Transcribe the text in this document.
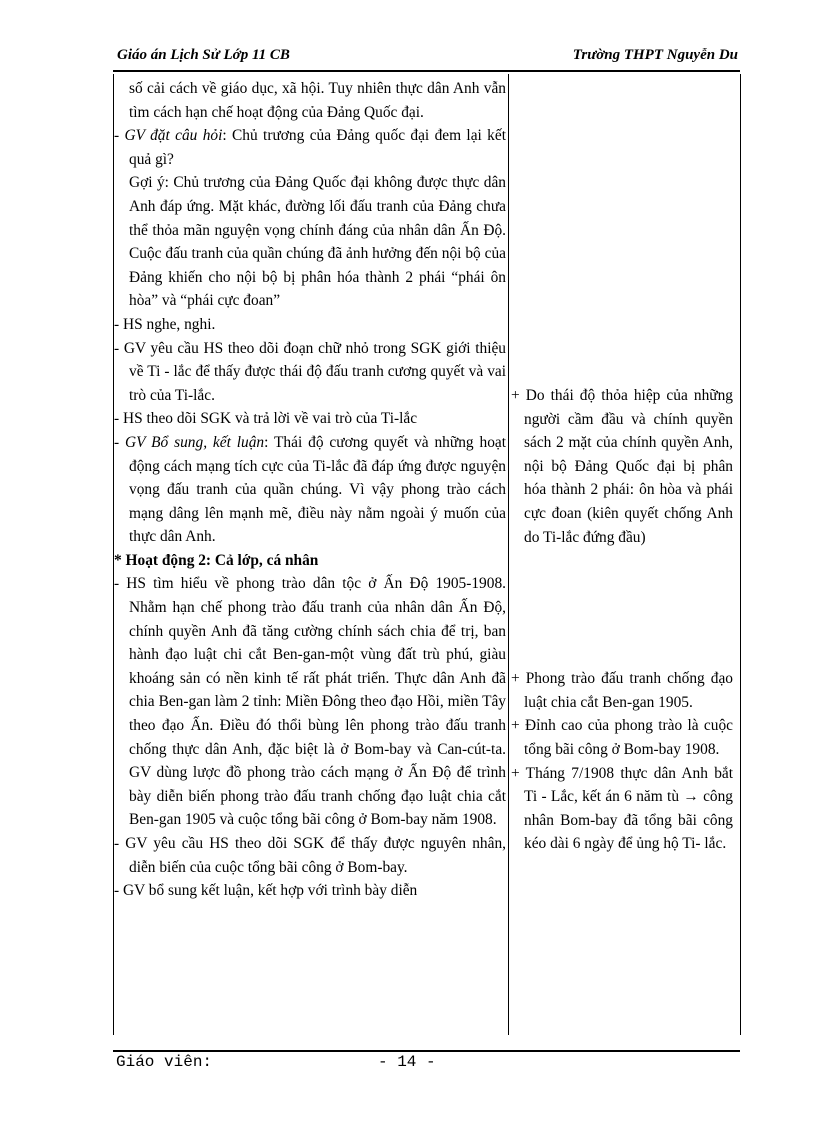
Giáo án Lịch Sử Lớp 11 CB	Trường THPT Nguyễn Du

số cải cách về giáo dục, xã hội. Tuy nhiên thực dân Anh vẫn tìm cách hạn chế hoạt động của Đảng Quốc đại.

- GV đặt câu hỏi: Chủ trương của Đảng quốc đại đem lại kết quả gì?

Gợi ý: Chủ trương của Đảng Quốc đại không được thực dân Anh đáp ứng. Mặt khác, đường lối đấu tranh của Đảng chưa thể thỏa mãn nguyện vọng chính đáng của nhân dân Ấn Độ. Cuộc đấu tranh của quần chúng đã ảnh hưởng đến nội bộ của Đảng khiến cho nội bộ bị phân hóa thành 2 phái “phái ôn hòa” và “phái cực đoan”

- HS nghe, nghi.

- GV yêu cầu HS theo dõi đoạn chữ nhỏ trong SGK giới thiệu về Ti - lắc để thấy được thái độ đấu tranh cương quyết và vai trò của Ti-lắc.

- HS theo dõi SGK và trả lời về vai trò của Ti-lắc

- GV Bổ sung, kết luận: Thái độ cương quyết và những hoạt động cách mạng tích cực của Ti-lắc đã đáp ứng được nguyện vọng đấu tranh của quần chúng. Vì vậy phong trào cách mạng dâng lên mạnh mẽ, điều này nằm ngoài ý muốn của thực dân Anh.

* Hoạt động 2: Cả lớp, cá nhân

- HS tìm hiểu về phong trào dân tộc ở Ấn Độ 1905-1908. Nhằm hạn chế phong trào đấu tranh của nhân dân Ấn Độ, chính quyền Anh đã tăng cường chính sách chia để trị, ban hành đạo luật chi cắt Ben-gan-một vùng đất trù phú, giàu khoáng sản có nền kinh tế rất phát triển. Thực dân Anh đã chia Ben-gan làm 2 tỉnh: Miền Đông theo đạo Hồi, miền Tây theo đạo Ấn. Điều đó thổi bùng lên phong trào đấu tranh chống thực dân Anh, đặc biệt là ở Bom-bay và Can-cút-ta. GV dùng lược đồ phong trào cách mạng ở Ấn Độ để trình bày diễn biến phong trào đấu tranh chống đạo luật chia cắt Ben-gan 1905 và cuộc tổng bãi công ở Bom-bay năm 1908.

- GV yêu cầu HS theo dõi SGK để thấy được nguyên nhân, diễn biến của cuộc tổng bãi công ở Bom-bay.

- GV bổ sung kết luận, kết hợp với trình bày diễn

+ Do thái độ thỏa hiệp của những người cầm đầu và chính quyền sách 2 mặt của chính quyền Anh, nội bộ Đảng Quốc đại bị phân hóa thành 2 phái: ôn hòa và phái cực đoan (kiên quyết chống Anh do Ti-lắc đứng đầu)

+ Phong trào đấu tranh chống đạo luật chia cắt Ben-gan 1905.

+ Đỉnh cao của phong trào là cuộc tổng bãi công ở Bom-bay 1908.

+ Tháng 7/1908 thực dân Anh bắt Ti - Lắc, kết án 6 năm tù → công nhân Bom-bay đã tổng bãi công kéo dài 6 ngày để ủng hộ Ti- lắc.

Giáo viên:	- 14 -
